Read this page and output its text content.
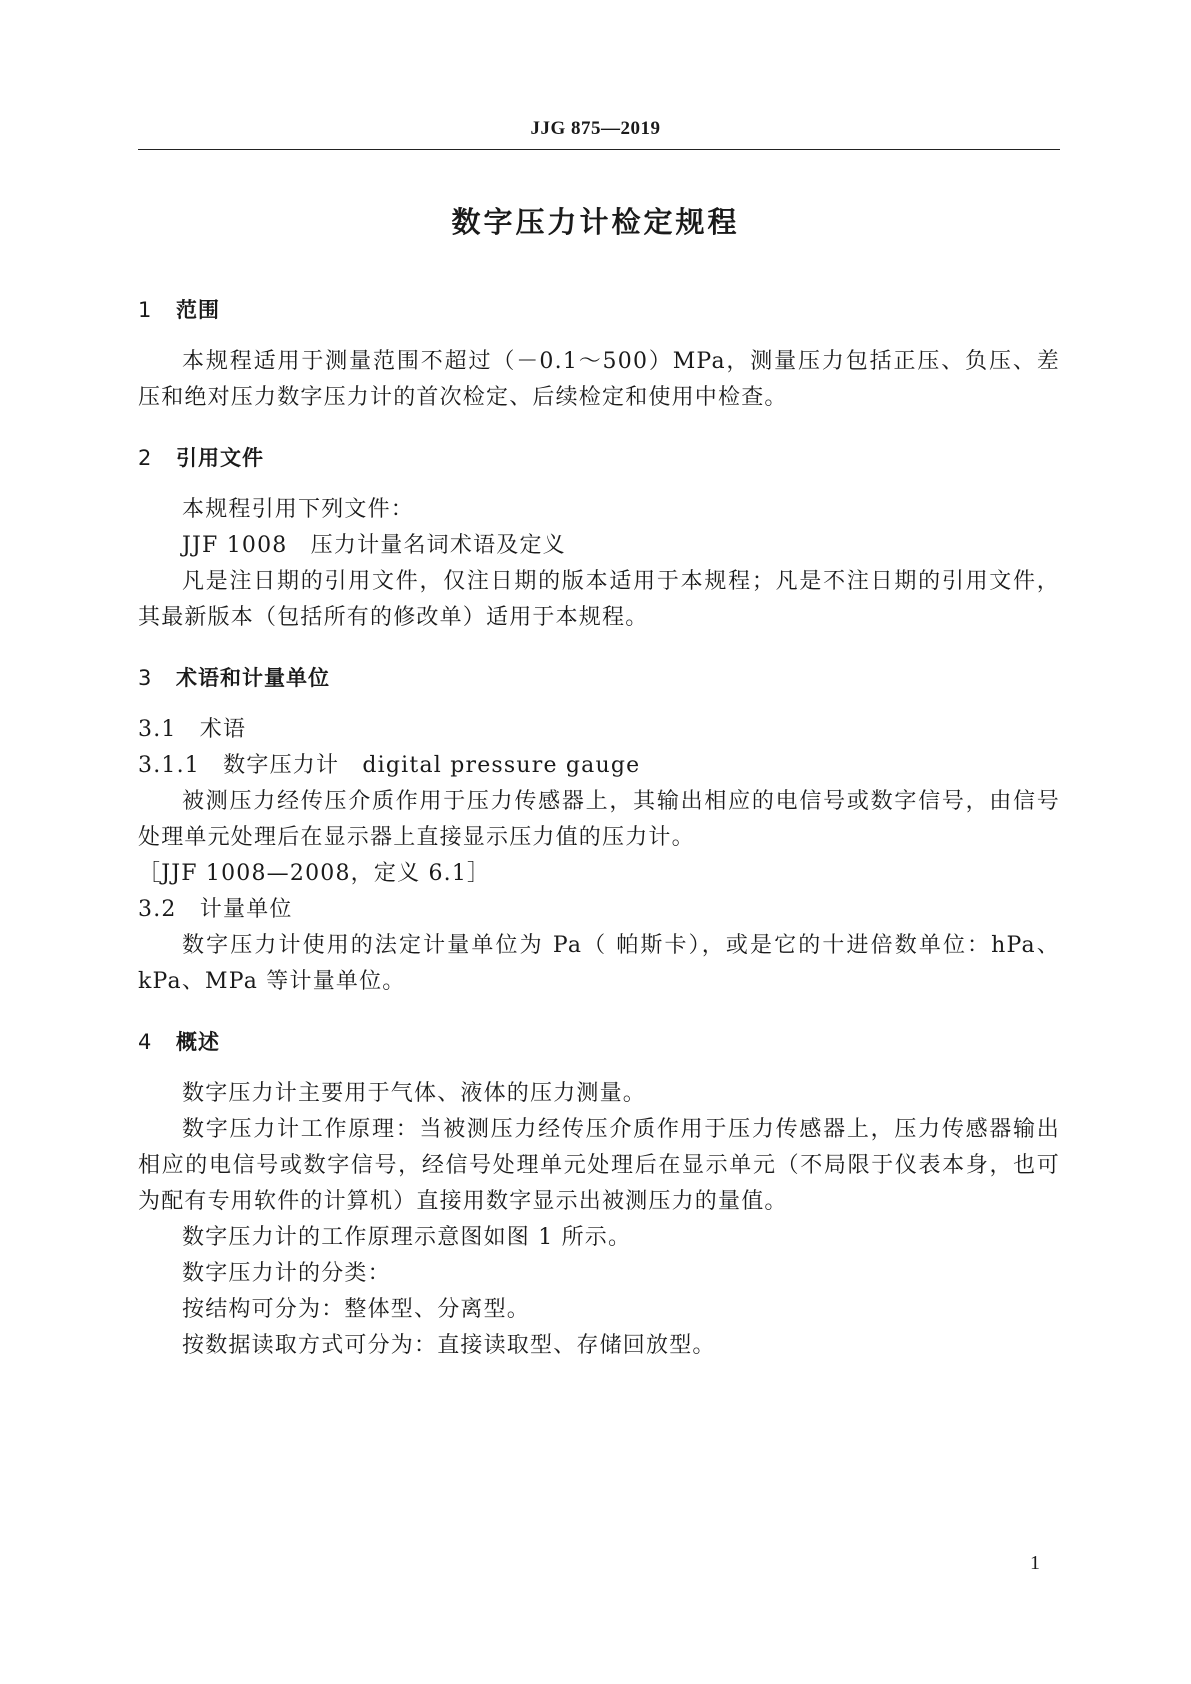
JJG 875—2019
数字压力计检定规程
1 范围

本规程适用于测量范围不超过（－0.1～500）MPa，测量压力包括正压、负压、差压和绝对压力数字压力计的首次检定、后续检定和使用中检查。

2 引用文件

本规程引用下列文件：

JJF 1008　压力计量名词术语及定义

凡是注日期的引用文件，仅注日期的版本适用于本规程；凡是不注日期的引用文件，其最新版本（包括所有的修改单）适用于本规程。

3 术语和计量单位

3.1　术语

3.1.1　数字压力计　digital pressure gauge

被测压力经传压介质作用于压力传感器上，其输出相应的电信号或数字信号，由信号处理单元处理后在显示器上直接显示压力值的压力计。

［JJF 1008—2008，定义 6.1］

3.2　计量单位

数字压力计使用的法定计量单位为 Pa（ 帕斯卡），或是它的十进倍数单位：hPa、kPa、MPa 等计量单位。

4 概述

数字压力计主要用于气体、液体的压力测量。

数字压力计工作原理：当被测压力经传压介质作用于压力传感器上，压力传感器输出相应的电信号或数字信号，经信号处理单元处理后在显示单元（不局限于仪表本身，也可为配有专用软件的计算机）直接用数字显示出被测压力的量值。

数字压力计的工作原理示意图如图 1 所示。

数字压力计的分类：

按结构可分为：整体型、分离型。

按数据读取方式可分为：直接读取型、存储回放型。

1
